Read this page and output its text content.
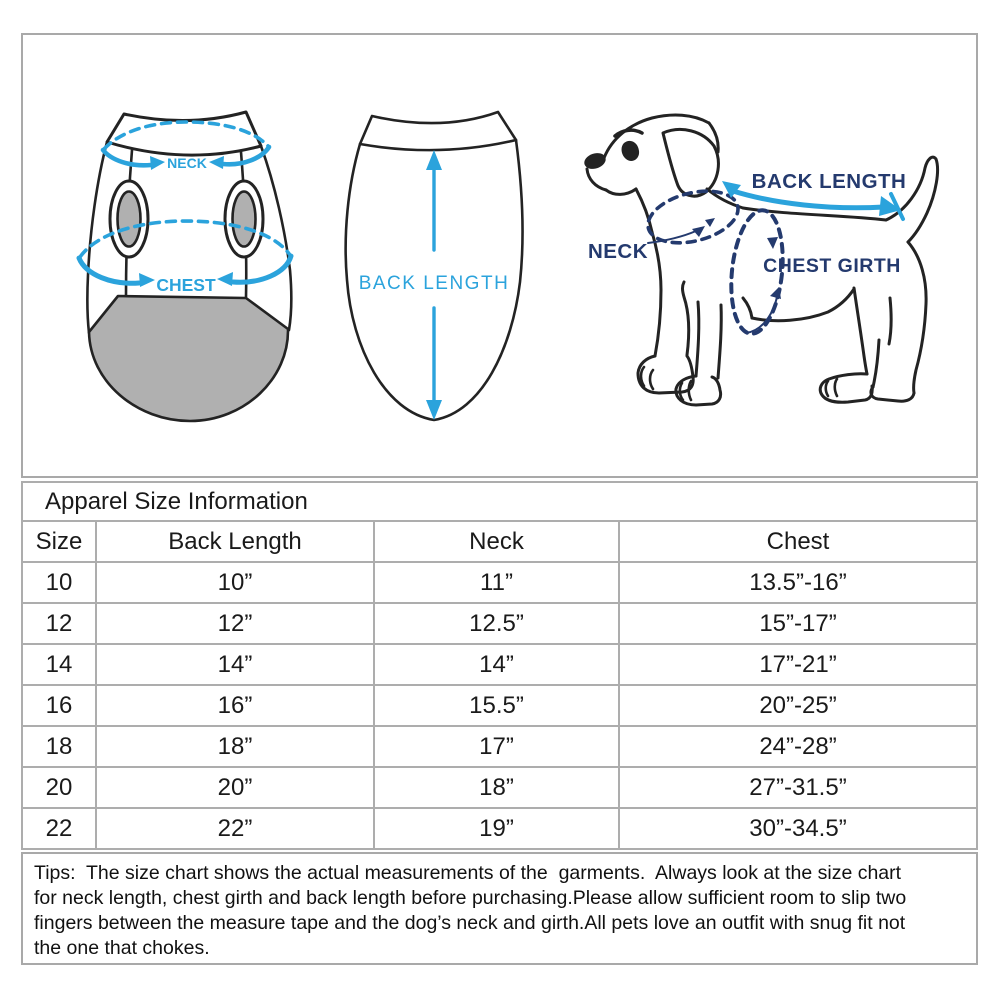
NECK
CHEST	BACK LENGTH
BACK LENGTH
NECK
CHEST GIRTH
Apparel Size Information			
Size	Back Length	Neck	Chest
10	10”	11”	13.5”-16”
12	12”	12.5”	15”-17”
14	14”	14”	17”-21”
16	16”	15.5”	20”-25”
18	18”	17”	24”-28”
20	20”	18”	27”-31.5”
22	22”	19”	30”-34.5”
Tips:  The size chart shows the actual measurements of the  garments.  Always look at the size chart
for neck length, chest girth and back length before purchasing.Please allow sufficient room to slip two
fingers between the measure tape and the dog’s neck and girth.All pets love an outfit with snug fit not
the one that chokes.
